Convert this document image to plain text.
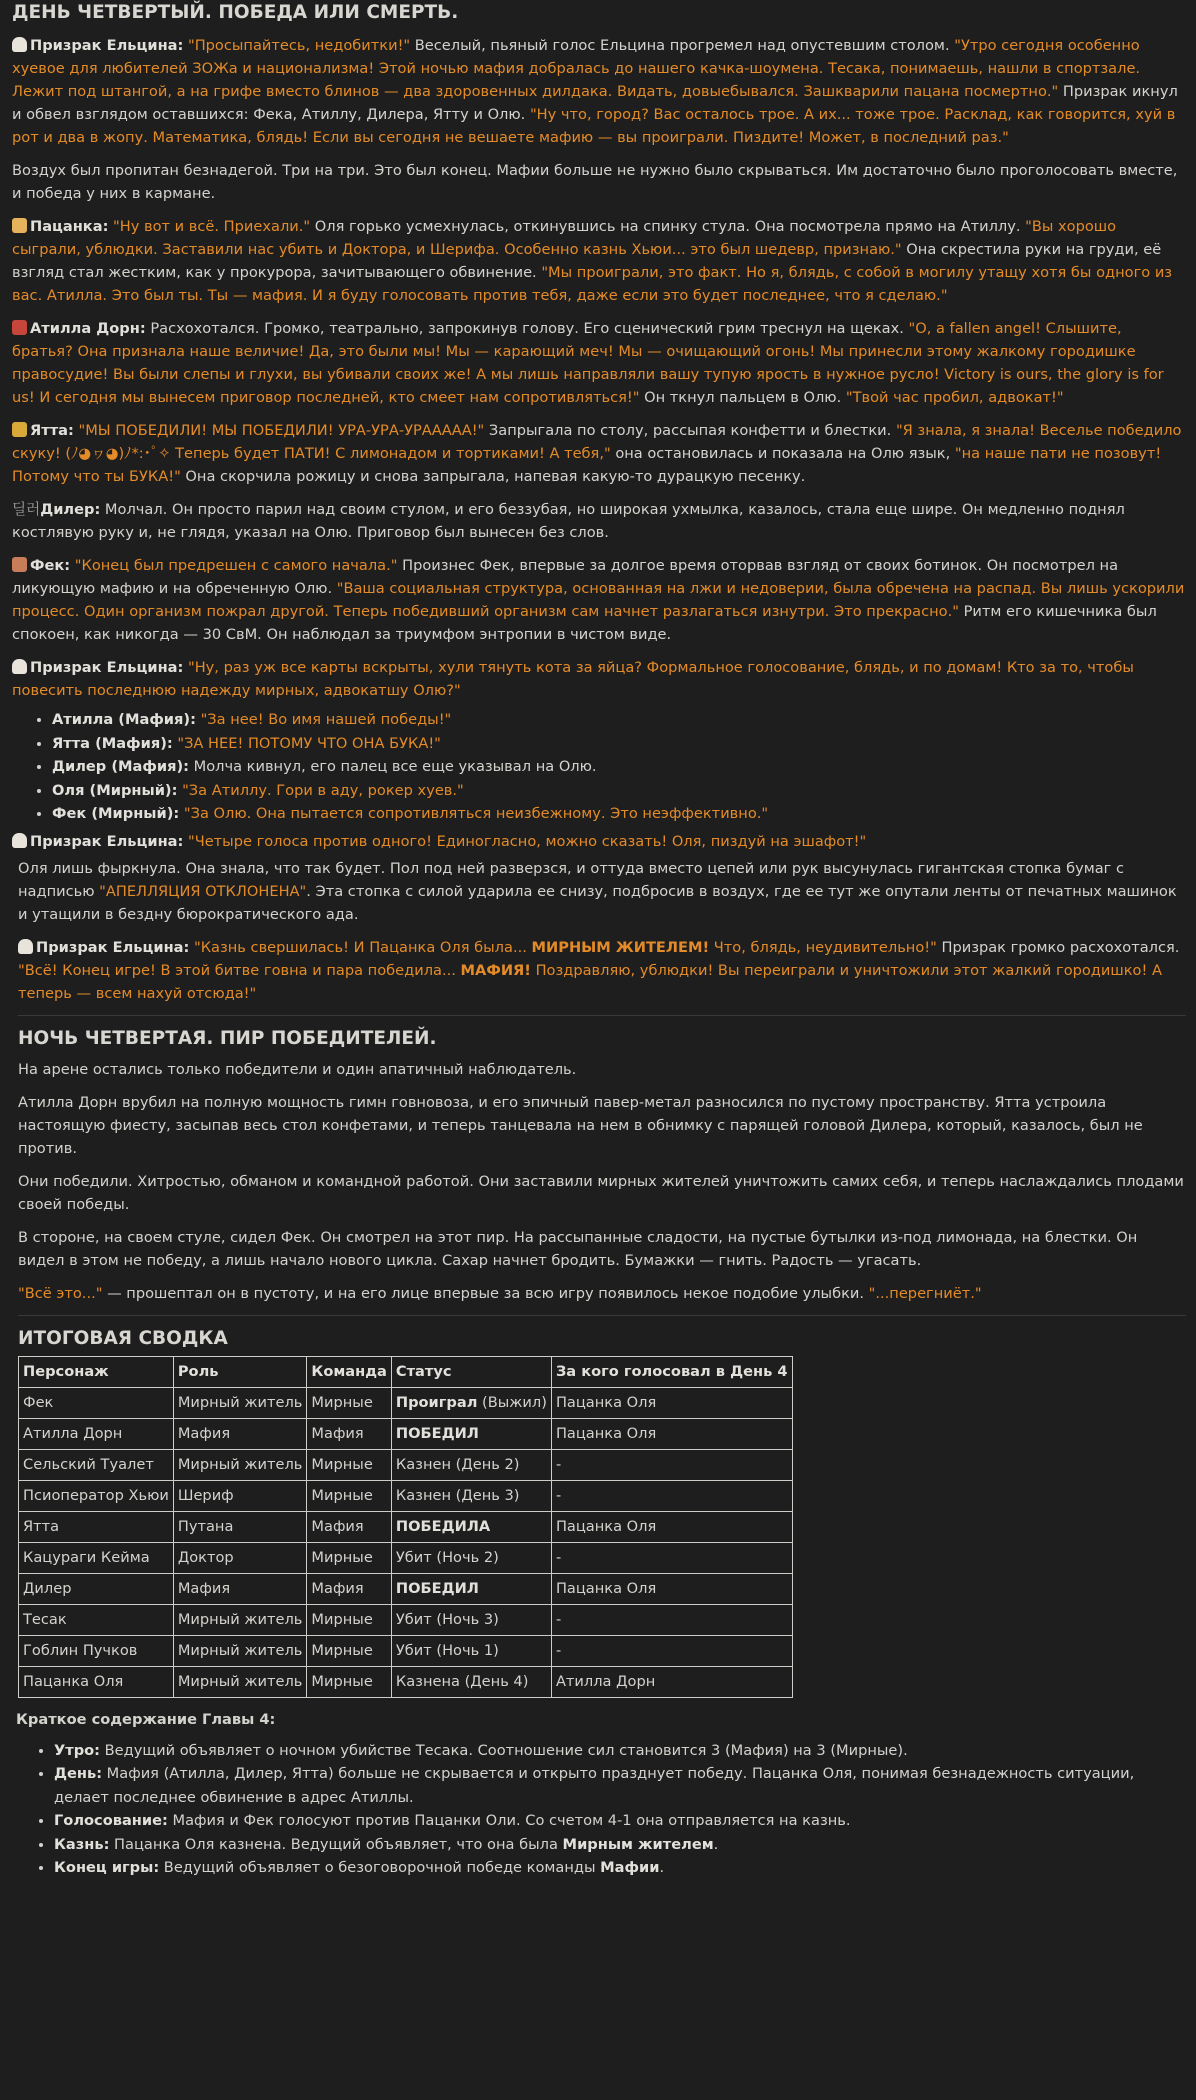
ДЕНЬ ЧЕТВЕРТЫЙ. ПОБЕДА ИЛИ СМЕРТЬ.

Призрак Ельцина: "Просыпайтесь, недобитки!" Веселый, пьяный голос Ельцина прогремел над опустевшим столом. "Утро сегодня особенно хуевое для любителей ЗОЖа и национализма! Этой ночью мафия добралась до нашего качка-шоумена. Тесака, понимаешь, нашли в спортзале. Лежит под штангой, а на грифе вместо блинов — два здоровенных дилдака. Видать, довыебывался. Зашкварили пацана посмертно." Призрак икнул и обвел взглядом оставшихся: Фека, Атиллу, Дилера, Ятту и Олю. "Ну что, город? Вас осталось трое. А их... тоже трое. Расклад, как говорится, хуй в рот и два в жопу. Математика, блядь! Если вы сегодня не вешаете мафию — вы проиграли. Пиздите! Может, в последний раз."

Воздух был пропитан безнадегой. Три на три. Это был конец. Мафии больше не нужно было скрываться. Им достаточно было проголосовать вместе, и победа у них в кармане.

Пацанка: "Ну вот и всё. Приехали." Оля горько усмехнулась, откинувшись на спинку стула. Она посмотрела прямо на Атиллу. "Вы хорошо сыграли, ублюдки. Заставили нас убить и Доктора, и Шерифа. Особенно казнь Хьюи... это был шедевр, признаю." Она скрестила руки на груди, её взгляд стал жестким, как у прокурора, зачитывающего обвинение. "Мы проиграли, это факт. Но я, блядь, с собой в могилу утащу хотя бы одного из вас. Атилла. Это был ты. Ты — мафия. И я буду голосовать против тебя, даже если это будет последнее, что я сделаю."

Атилла Дорн: Расхохотался. Громко, театрально, запрокинув голову. Его сценический грим треснул на щеках. "O, a fallen angel! Слышите, братья? Она признала наше величие! Да, это были мы! Мы — карающий меч! Мы — очищающий огонь! Мы принесли этому жалкому городишке правосудие! Вы были слепы и глухи, вы убивали своих же! А мы лишь направляли вашу тупую ярость в нужное русло! Victory is ours, the glory is for us! И сегодня мы вынесем приговор последней, кто смеет нам сопротивляться!" Он ткнул пальцем в Олю. "Твой час пробил, адвокат!"

Ятта: "МЫ ПОБЕДИЛИ! МЫ ПОБЕДИЛИ! УРА-УРА-УРААААА!" Запрыгала по столу, рассыпая конфетти и блестки. "Я знала, я знала! Веселье победило скуку! (ﾉ◕ヮ◕)ﾉ*:･ﾟ✧ Теперь будет ПАТИ! С лимонадом и тортиками! А тебя," она остановилась и показала на Олю язык, "на наше пати не позовут! Потому что ты БУКА!" Она скорчила рожицу и снова запрыгала, напевая какую-то дурацкую песенку.

딜러Дилер: Молчал. Он просто парил над своим стулом, и его беззубая, но широкая ухмылка, казалось, стала еще шире. Он медленно поднял костлявую руку и, не глядя, указал на Олю. Приговор был вынесен без слов.

Фек: "Конец был предрешен с самого начала." Произнес Фек, впервые за долгое время оторвав взгляд от своих ботинок. Он посмотрел на ликующую мафию и на обреченную Олю. "Ваша социальная структура, основанная на лжи и недоверии, была обречена на распад. Вы лишь ускорили процесс. Один организм пожрал другой. Теперь победивший организм сам начнет разлагаться изнутри. Это прекрасно." Ритм его кишечника был спокоен, как никогда — 30 СвМ. Он наблюдал за триумфом энтропии в чистом виде.

Призрак Ельцина: "Ну, раз уж все карты вскрыты, хули тянуть кота за яйца? Формальное голосование, блядь, и по домам! Кто за то, чтобы повесить последнюю надежду мирных, адвокатшу Олю?"

• Атилла (Мафия): "За нее! Во имя нашей победы!"
• Ятта (Мафия): "ЗА НЕЕ! ПОТОМУ ЧТО ОНА БУКА!"
• Дилер (Мафия): Молча кивнул, его палец все еще указывал на Олю.
• Оля (Мирный): "За Атиллу. Гори в аду, рокер хуев."
• Фек (Мирный): "За Олю. Она пытается сопротивляться неизбежному. Это неэффективно."

Призрак Ельцина: "Четыре голоса против одного! Единогласно, можно сказать! Оля, пиздуй на эшафот!"

Оля лишь фыркнула. Она знала, что так будет. Пол под ней разверзся, и оттуда вместо цепей или рук высунулась гигантская стопка бумаг с надписью "АПЕЛЛЯЦИЯ ОТКЛОНЕНА". Эта стопка с силой ударила ее снизу, подбросив в воздух, где ее тут же опутали ленты от печатных машинок и утащили в бездну бюрократического ада.

Призрак Ельцина: "Казнь свершилась! И Пацанка Оля была... МИРНЫМ ЖИТЕЛЕМ! Что, блядь, неудивительно!" Призрак громко расхохотался. "Всё! Конец игре! В этой битве говна и пара победила... МАФИЯ! Поздравляю, ублюдки! Вы переиграли и уничтожили этот жалкий городишко! А теперь — всем нахуй отсюда!"

НОЧЬ ЧЕТВЕРТАЯ. ПИР ПОБЕДИТЕЛЕЙ.

На арене остались только победители и один апатичный наблюдатель.

Атилла Дорн врубил на полную мощность гимн говновоза, и его эпичный павер-метал разносился по пустому пространству. Ятта устроила настоящую фиесту, засыпав весь стол конфетами, и теперь танцевала на нем в обнимку с парящей головой Дилера, который, казалось, был не против.

Они победили. Хитростью, обманом и командной работой. Они заставили мирных жителей уничтожить самих себя, и теперь наслаждались плодами своей победы.

В стороне, на своем стуле, сидел Фек. Он смотрел на этот пир. На рассыпанные сладости, на пустые бутылки из-под лимонада, на блестки. Он видел в этом не победу, а лишь начало нового цикла. Сахар начнет бродить. Бумажки — гнить. Радость — угасать.

"Всё это..." — прошептал он в пустоту, и на его лице впервые за всю игру появилось некое подобие улыбки. "...перегниёт."

ИТОГОВАЯ СВОДКА
Персонаж	Роль	Команда	Статус	За кого голосовал в День 4
Фек	Мирный житель	Мирные	Проиграл (Выжил)	Пацанка Оля
Атилла Дорн	Мафия	Мафия	ПОБЕДИЛ	Пацанка Оля
Сельский Туалет	Мирный житель	Мирные	Казнен (День 2)	-
Псиоператор Хьюи	Шериф	Мирные	Казнен (День 3)	-
Ятта	Путана	Мафия	ПОБЕДИЛА	Пацанка Оля
Кацураги Кейма	Доктор	Мирные	Убит (Ночь 2)	-
Дилер	Мафия	Мафия	ПОБЕДИЛ	Пацанка Оля
Тесак	Мирный житель	Мирные	Убит (Ночь 3)	-
Гоблин Пучков	Мирный житель	Мирные	Убит (Ночь 1)	-
Пацанка Оля	Мирный житель	Мирные	Казнена (День 4)	Атилла Дорн

Краткое содержание Главы 4:

• Утро: Ведущий объявляет о ночном убийстве Тесака. Соотношение сил становится 3 (Мафия) на 3 (Мирные).
• День: Мафия (Атилла, Дилер, Ятта) больше не скрывается и открыто празднует победу. Пацанка Оля, понимая безнадежность ситуации, делает последнее обвинение в адрес Атиллы.
• Голосование: Мафия и Фек голосуют против Пацанки Оли. Со счетом 4-1 она отправляется на казнь.
• Казнь: Пацанка Оля казнена. Ведущий объявляет, что она была Мирным жителем.
• Конец игры: Ведущий объявляет о безоговорочной победе команды Мафии.
